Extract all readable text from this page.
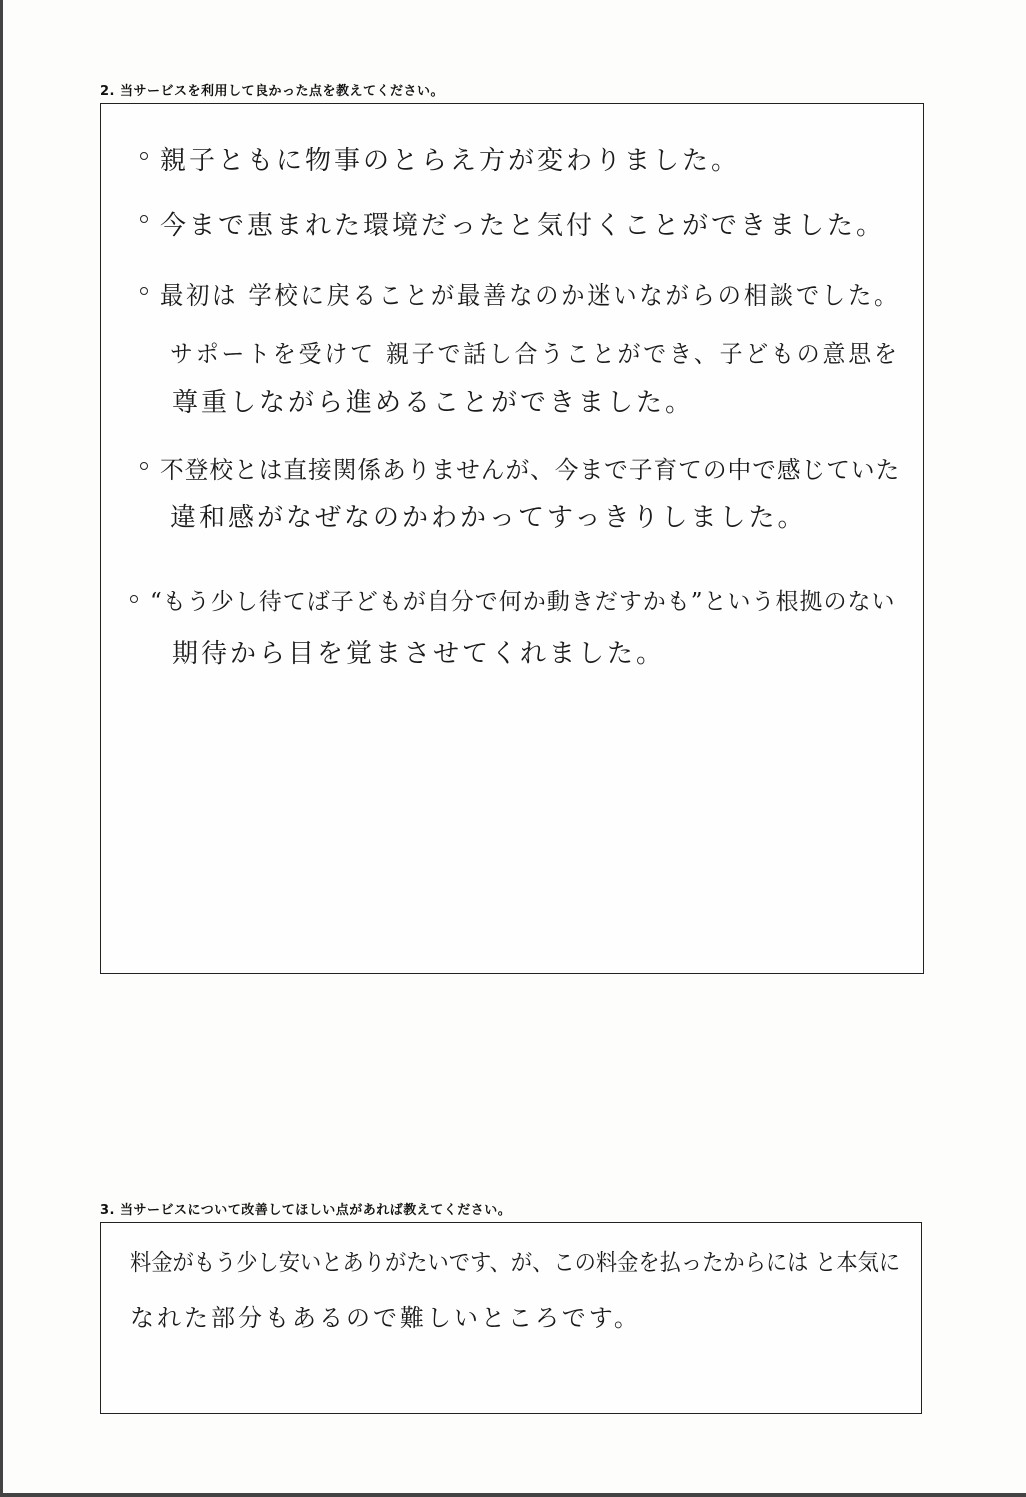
2. 当サービスを利用して良かった点を教えてください。
親子ともに物事のとらえ方が変わりました。
今まで恵まれた環境だったと気付くことができました。
最初は 学校に戻ることが最善なのか迷いながらの相談でした。
サポートを受けて 親子で話し合うことができ、子どもの意思を
尊重しながら進めることができました。
不登校とは直接関係ありませんが、今まで子育ての中で感じていた
違和感がなぜなのかわかってすっきりしました。
“もう少し待てば子どもが自分で何か動きだすかも”という根拠のない
期待から目を覚まさせてくれました。
3. 当サービスについて改善してほしい点があれば教えてください。
料金がもう少し安いとありがたいです、が、この料金を払ったからには と本気に
なれた部分もあるので難しいところです。
